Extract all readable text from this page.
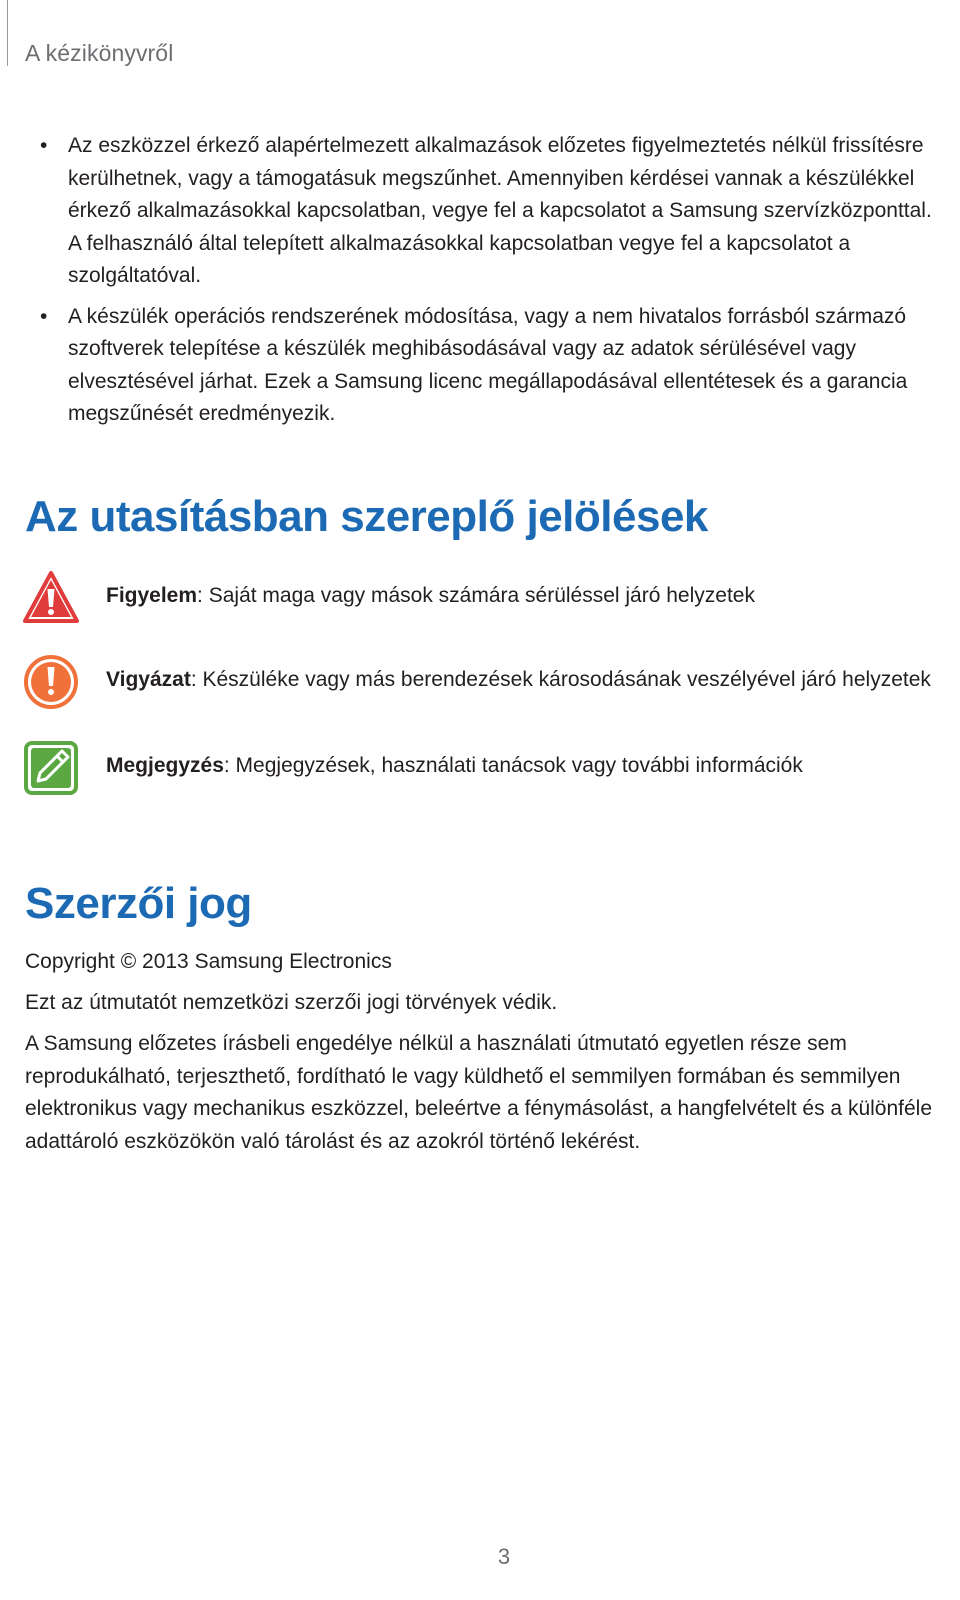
A kézikönyvről
• Az eszközzel érkező alapértelmezett alkalmazások előzetes figyelmeztetés nélkül frissítésre kerülhetnek, vagy a támogatásuk megszűnhet. Amennyiben kérdései vannak a készülékkel érkező alkalmazásokkal kapcsolatban, vegye fel a kapcsolatot a Samsung szervízközponttal. A felhasználó által telepített alkalmazásokkal kapcsolatban vegye fel a kapcsolatot a szolgáltatóval.
• A készülék operációs rendszerének módosítása, vagy a nem hivatalos forrásból származó szoftverek telepítése a készülék meghibásodásával vagy az adatok sérülésével vagy elvesztésével járhat. Ezek a Samsung licenc megállapodásával ellentétesek és a garancia megszűnését eredményezik.
Az utasításban szereplő jelölések
Figyelem: Saját maga vagy mások számára sérüléssel járó helyzetek
Vigyázat: Készüléke vagy más berendezések károsodásának veszélyével járó helyzetek
Megjegyzés: Megjegyzések, használati tanácsok vagy további információk
Szerzői jog

Copyright © 2013 Samsung Electronics

Ezt az útmutatót nemzetközi szerzői jogi törvények védik.

A Samsung előzetes írásbeli engedélye nélkül a használati útmutató egyetlen része sem reprodukálható, terjeszthető, fordítható le vagy küldhető el semmilyen formában és semmilyen elektronikus vagy mechanikus eszközzel, beleértve a fénymásolást, a hangfelvételt és a különféle adattároló eszközökön való tárolást és az azokról történő lekérést.

3
